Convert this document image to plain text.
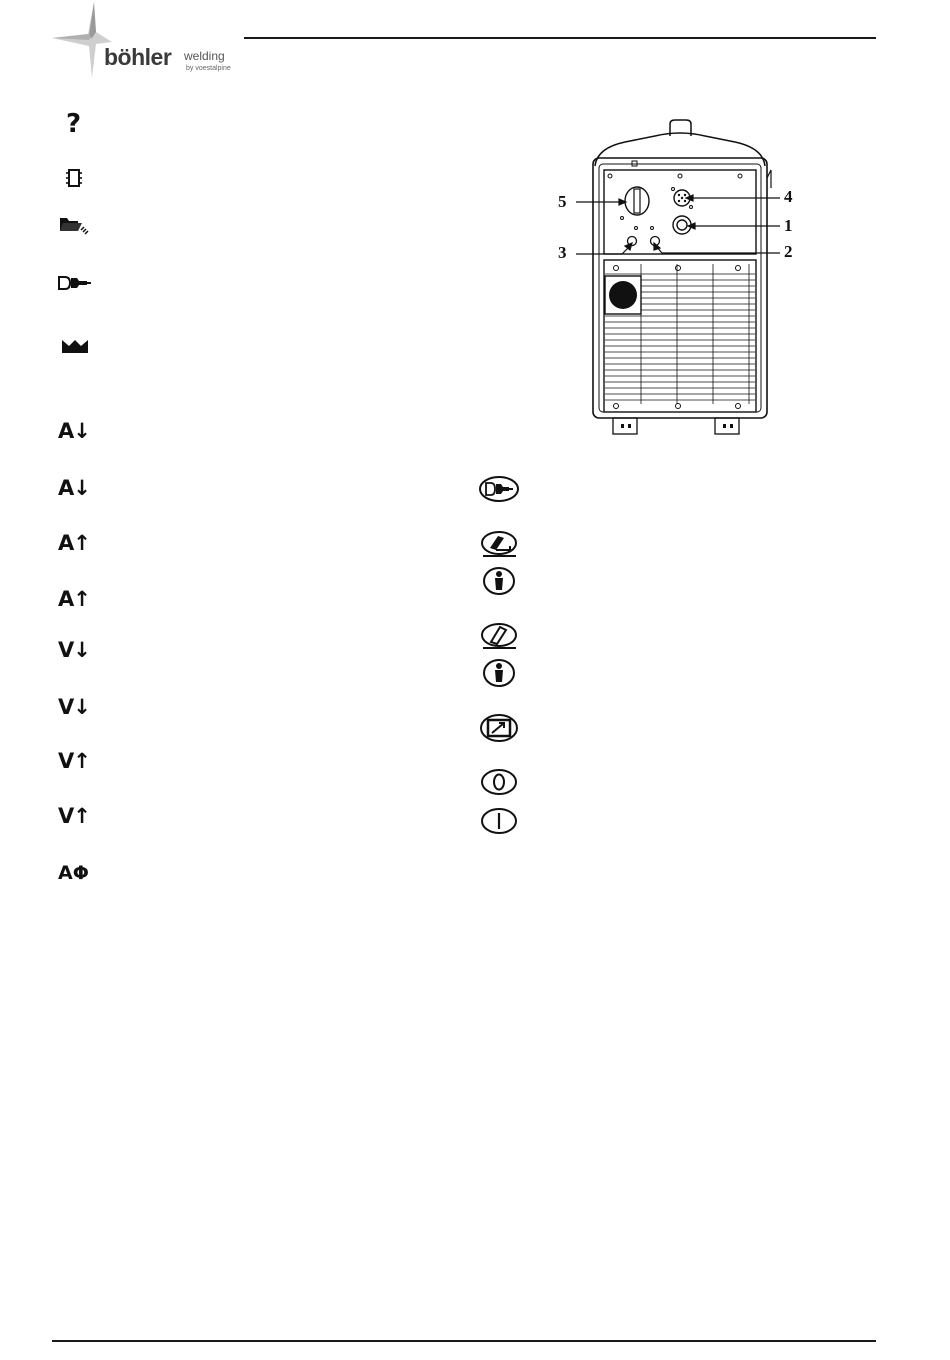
böhler welding
by voestalpine
?
A↓
A↓
A↑
A↑
V↓
V↓
V↑
V↑
AΦ
5	4
1
3	2
